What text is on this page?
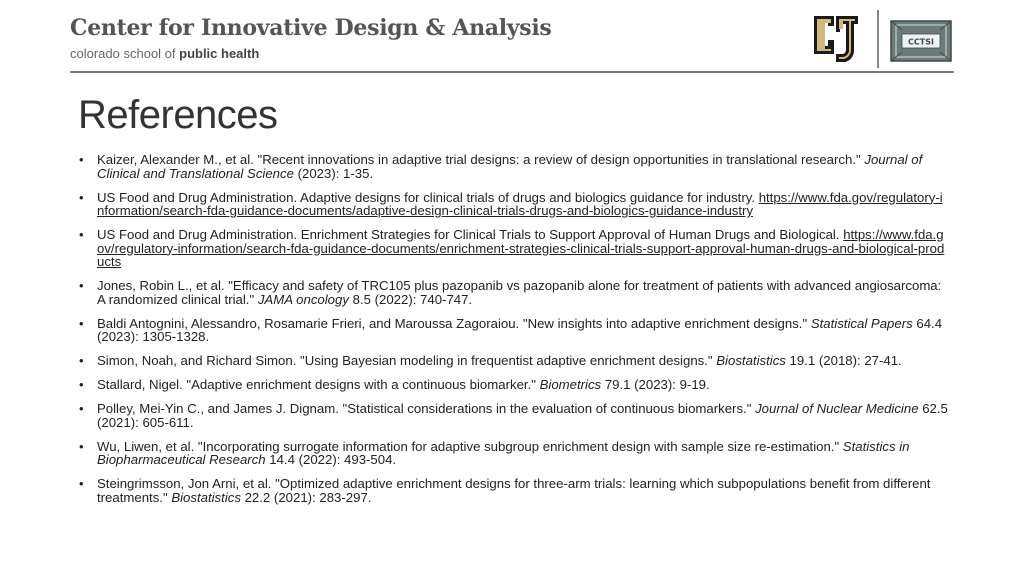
Center for Innovative Design & Analysis
colorado school of public health
CCTSI
References
• Kaizer, Alexander M., et al. "Recent innovations in adaptive trial designs: a review of design opportunities in translational research." Journal of Clinical and Translational Science (2023): 1-35.
• US Food and Drug Administration. Adaptive designs for clinical trials of drugs and biologics guidance for industry. https://www.fda.gov/regulatory-information/search-fda-guidance-documents/adaptive-design-clinical-trials-drugs-and-biologics-guidance-industry
• US Food and Drug Administration. Enrichment Strategies for Clinical Trials to Support Approval of Human Drugs and Biological. https://www.fda.gov/regulatory-information/search-fda-guidance-documents/enrichment-strategies-clinical-trials-support-approval-human-drugs-and-biological-products
• Jones, Robin L., et al. "Efficacy and safety of TRC105 plus pazopanib vs pazopanib alone for treatment of patients with advanced angiosarcoma: A randomized clinical trial." JAMA oncology 8.5 (2022): 740-747.
• Baldi Antognini, Alessandro, Rosamarie Frieri, and Maroussa Zagoraiou. "New insights into adaptive enrichment designs." Statistical Papers 64.4 (2023): 1305-1328.
• Simon, Noah, and Richard Simon. "Using Bayesian modeling in frequentist adaptive enrichment designs." Biostatistics 19.1 (2018): 27-41.
• Stallard, Nigel. "Adaptive enrichment designs with a continuous biomarker." Biometrics 79.1 (2023): 9-19.
• Polley, Mei-Yin C., and James J. Dignam. "Statistical considerations in the evaluation of continuous biomarkers." Journal of Nuclear Medicine 62.5 (2021): 605-611.
• Wu, Liwen, et al. "Incorporating surrogate information for adaptive subgroup enrichment design with sample size re-estimation." Statistics in Biopharmaceutical Research 14.4 (2022): 493-504.
• Steingrimsson, Jon Arni, et al. "Optimized adaptive enrichment designs for three-arm trials: learning which subpopulations benefit from different treatments." Biostatistics 22.2 (2021): 283-297.
